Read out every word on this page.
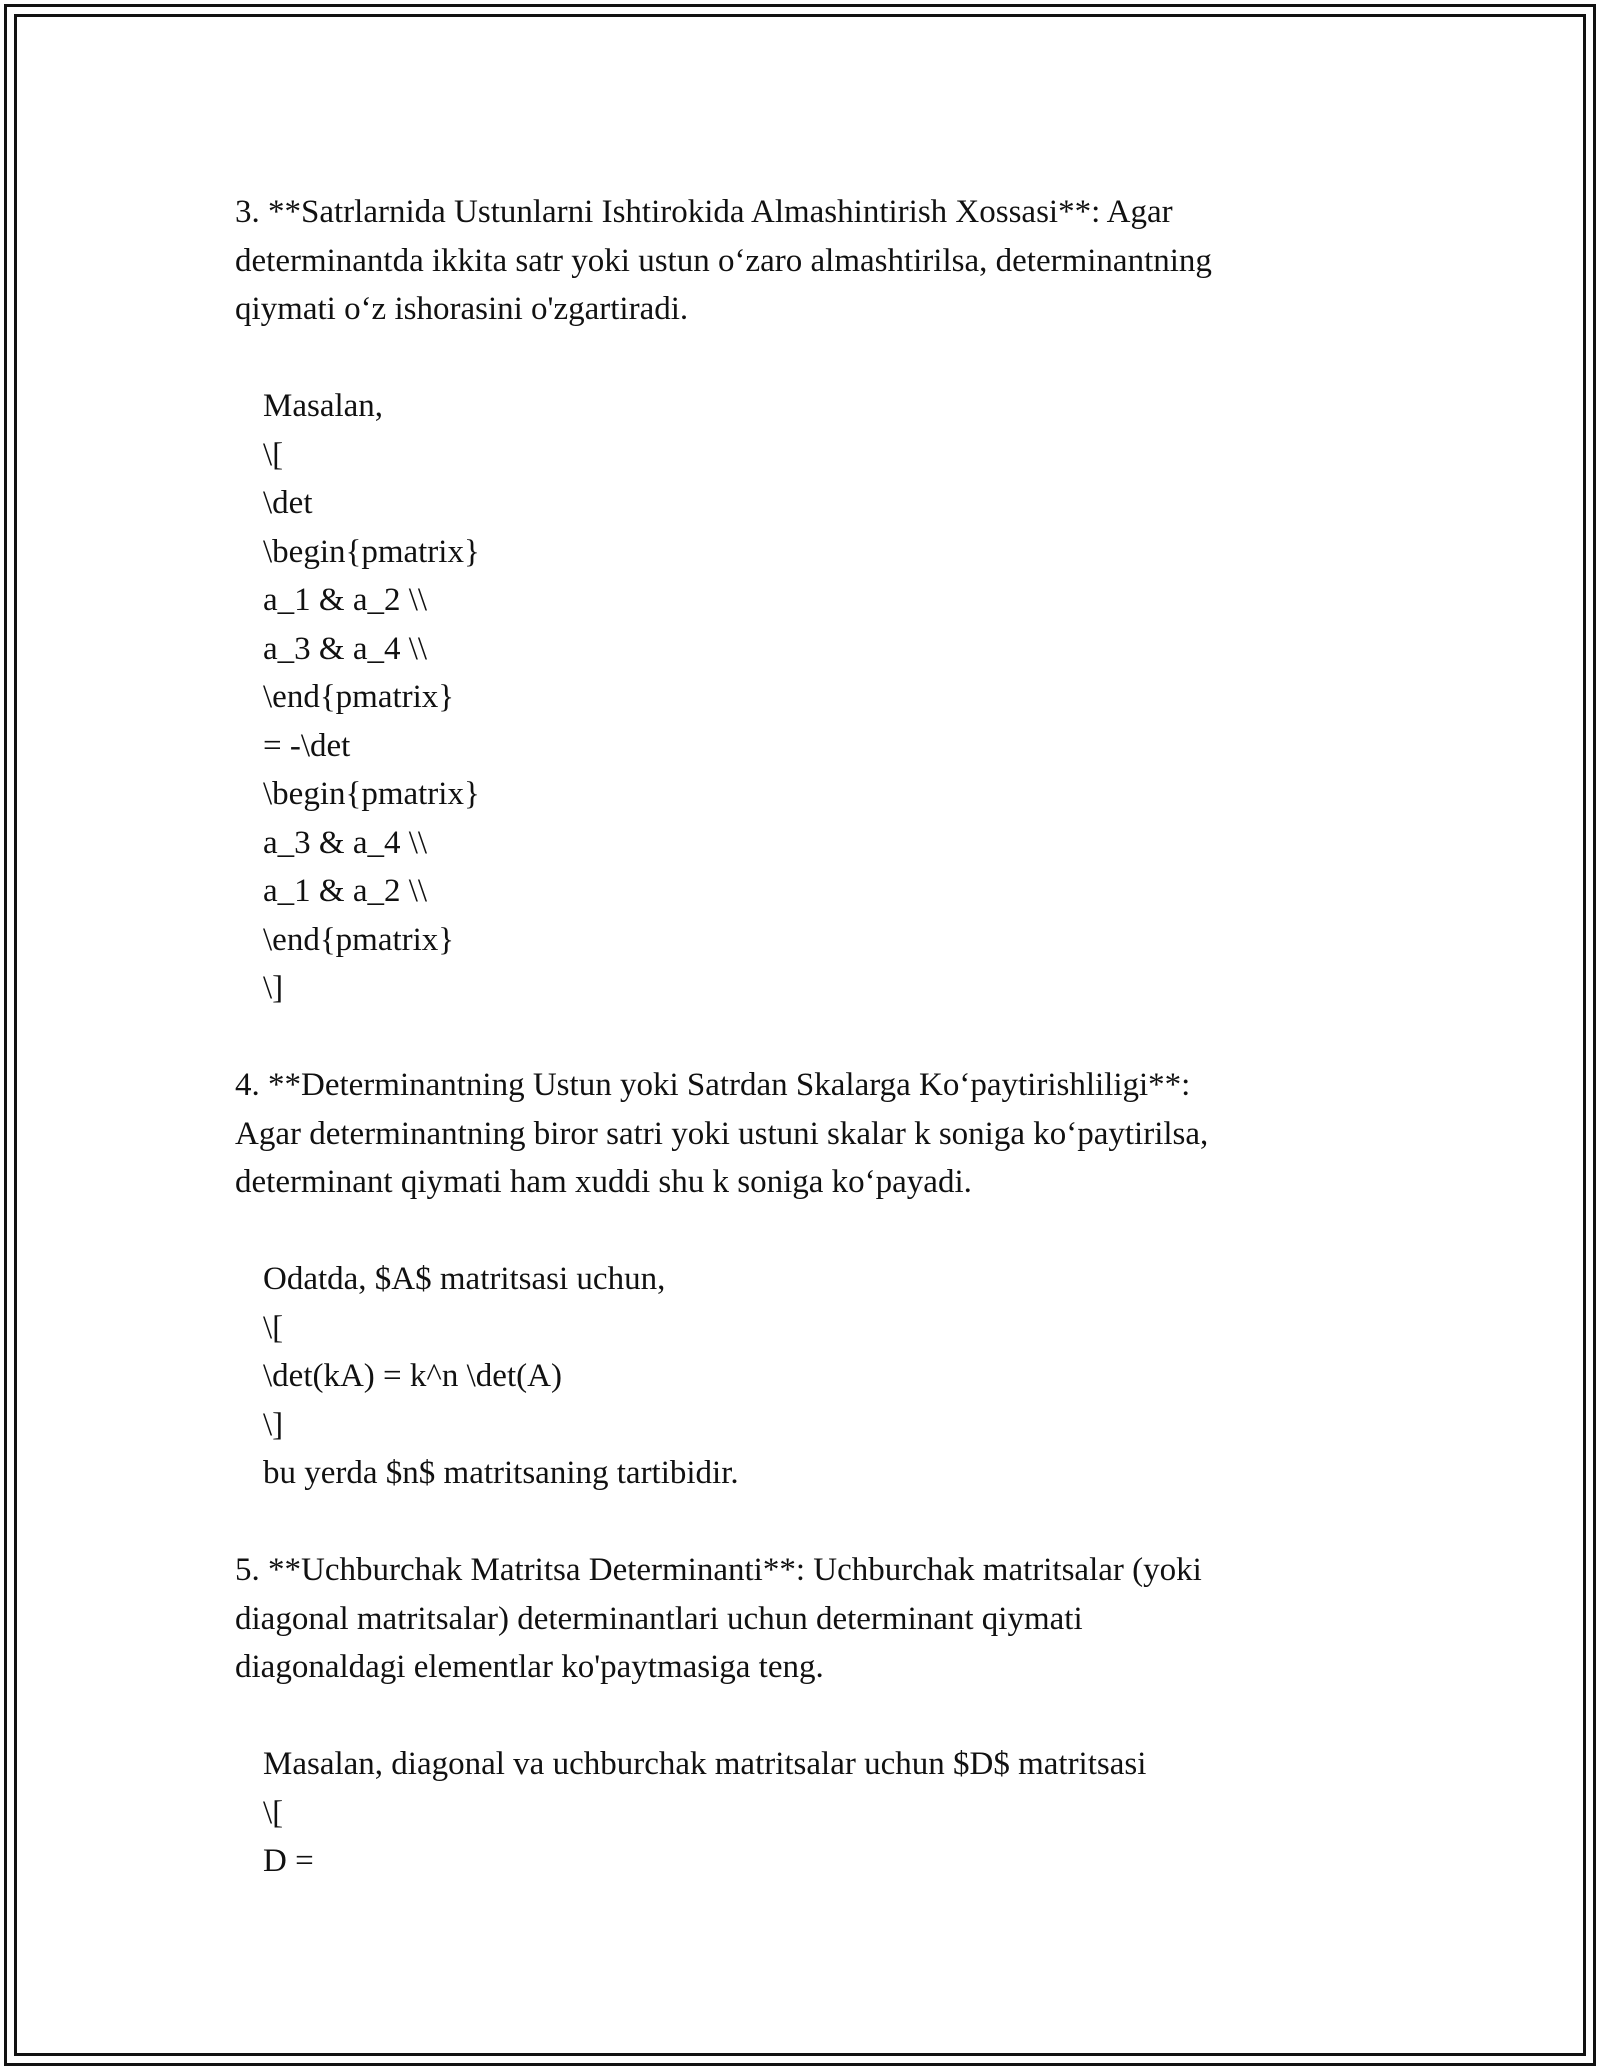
3. **Satrlarnida Ustunlarni Ishtirokida Almashintirish Xossasi**: Agar
determinantda ikkita satr yoki ustun o‘zaro almashtirilsa, determinantning
qiymati o‘z ishorasini o'zgartiradi.
Masalan,
\[
\det
\begin{pmatrix}
a_1 & a_2 \\
a_3 & a_4 \\
\end{pmatrix}
= -\det
\begin{pmatrix}
a_3 & a_4 \\
a_1 & a_2 \\
\end{pmatrix}
\]
4. **Determinantning Ustun yoki Satrdan Skalarga Ko‘paytirishliligi**:
Agar determinantning biror satri yoki ustuni skalar k soniga ko‘paytirilsa,
determinant qiymati ham xuddi shu k soniga ko‘payadi.
Odatda, $A$ matritsasi uchun,
\[
\det(kA) = k^n \det(A)
\]
bu yerda $n$ matritsaning tartibidir.
5. **Uchburchak Matritsa Determinanti**: Uchburchak matritsalar (yoki
diagonal matritsalar) determinantlari uchun determinant qiymati
diagonaldagi elementlar ko'paytmasiga teng.
Masalan, diagonal va uchburchak matritsalar uchun $D$ matritsasi
\[
D =
